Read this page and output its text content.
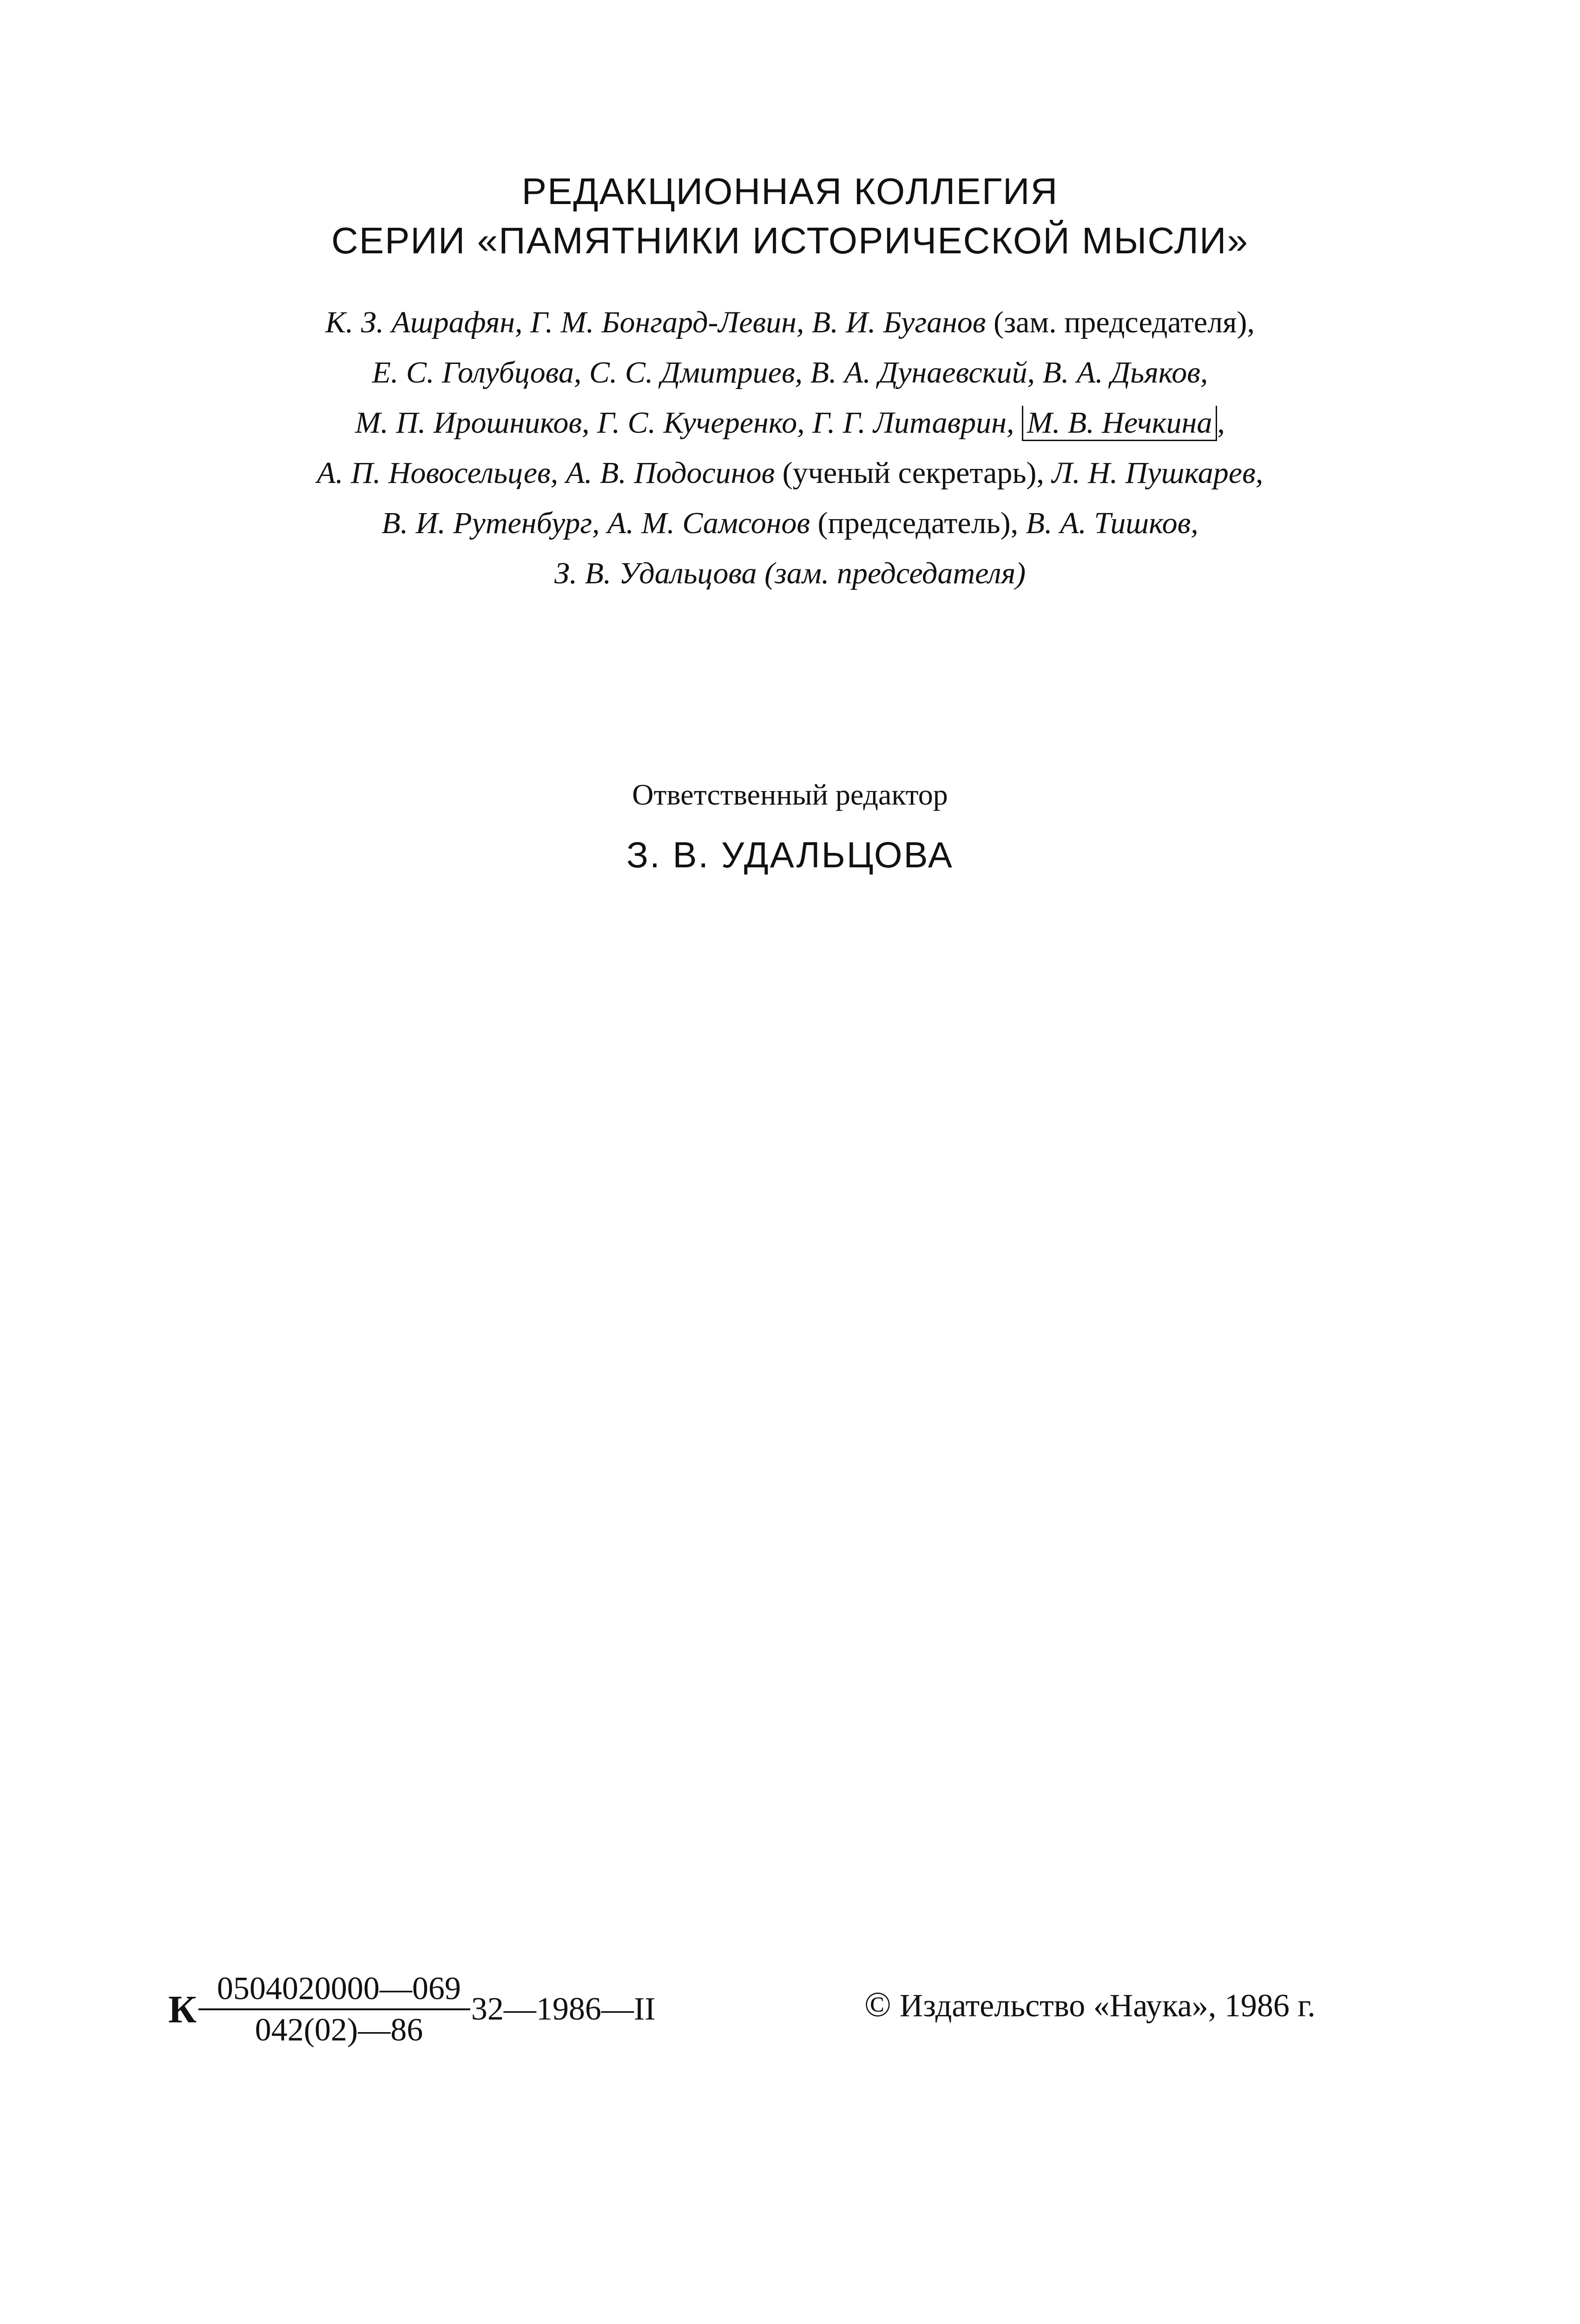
РЕДАКЦИОННАЯ КОЛЛЕГИЯ
СЕРИИ «ПАМЯТНИКИ ИСТОРИЧЕСКОЙ МЫСЛИ»
К. З. Ашрафян, Г. М. Бонгард-Левин, В. И. Буганов (зам. председателя),
Е. С. Голубцова, С. С. Дмитриев, В. А. Дунаевский, В. А. Дьяков,
М. П. Ирошников, Г. С. Кучеренко, Г. Г. Литаврин, М. В. Нечкина ,
А. П. Новосельцев, А. В. Подосинов (ученый секретарь), Л. Н. Пушкарев,
В. И. Рутенбург, А. М. Самсонов (председатель), В. А. Тишков,
З. В. Удальцова (зам. председателя)
Ответственный редактор
З. В. УДАЛЬЦОВА
К $\frac{0504020000—069}{042(02)—86}$ 32—1986—II	© Издательство «Наука», 1986 г.
